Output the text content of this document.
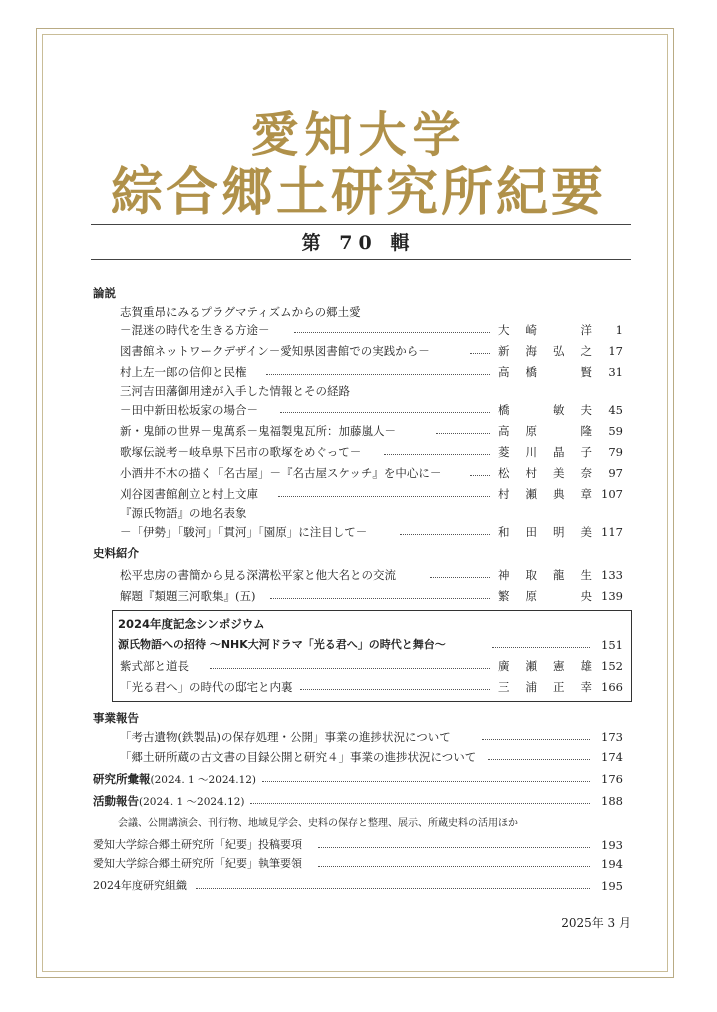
愛知大学
綜合郷土研究所紀要
第 70 輯
論説
志賀重昂にみるプラグマティズムからの郷土愛
－混迷の時代を生きる方途－	大崎　洋 1
図書館ネットワークデザイン－愛知県図書館での実践から－	新海弘之 17
村上左一郎の信仰と民権	高橋　賢 31
三河吉田藩御用達が入手した情報とその経路
－田中新田松坂家の場合－	橋　敏夫 45
新・鬼師の世界－鬼萬系－鬼福製鬼瓦所：加藤嵐人－	高原　隆 59
歌塚伝説考－岐阜県下呂市の歌塚をめぐって－	菱川晶子 79
小酒井不木の描く「名古屋」－『名古屋スケッチ』を中心に－	松村美奈 97
刈谷図書館創立と村上文庫	村瀬典章 107
『源氏物語』の地名表象
－「伊勢」「駿河」「貫河」「園原」に注目して－	和田明美 117
史料紹介
松平忠房の書簡から見る深溝松平家と他大名との交流	神取龍生 133
解題『類題三河歌集』(五)	繁原　央 139
2024年度記念シンポジウム
源氏物語への招待 ～NHK大河ドラマ「光る君へ」の時代と舞台～	151
紫式部と道長	廣瀬憲雄 152
「光る君へ」の時代の邸宅と内裏	三浦正幸 166
事業報告
「考古遺物(鉄製品)の保存処理・公開」事業の進捗状況について	173
「郷土研所蔵の古文書の目録公開と研究４」事業の進捗状況について	174
研究所彙報(2024. 1 ～2024.12)	176
活動報告(2024. 1 ～2024.12)	188
会議、公開講演会、刊行物、地域見学会、史料の保存と整理、展示、所蔵史料の活用ほか
愛知大学綜合郷土研究所「紀要」投稿要項	193
愛知大学綜合郷土研究所「紀要」執筆要領	194
2024年度研究組織	195
2025年 3 月
